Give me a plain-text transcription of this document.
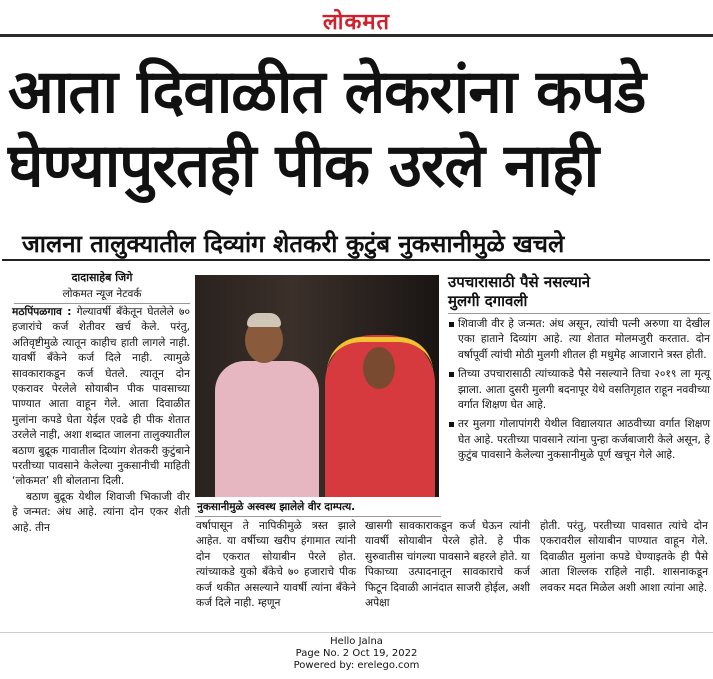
लोकमत
आता दिवाळीत लेकरांना कपडे
घेण्यापुरतही पीक उरले नाही
जालना तालुक्यातील दिव्यांग शेतकरी कुटुंब नुकसानीमुळे खचले
दादासाहेब जिगे
लोकमत न्यूज नेटवर्क
मठपिंपळगाव : गेल्यावर्षी बँकेतून घेतलेले ७० हजारांचे कर्ज शेतीवर खर्च केले. परंतु, अतिवृष्टीमुळे त्यातून काहीच हाती लागले नाही. यावर्षी बँकेने कर्ज दिले नाही. त्यामुळे सावकाराकडून कर्ज घेतले. त्यातून दोन एकरावर पेरलेले सोयाबीन पीक पावसाच्या पाण्यात आता वाहून गेले. आता दिवाळीत मुलांना कपडे घेता येईल एवढे ही पीक शेतात उरलेले नाही, अशा शब्दात जालना तालुक्यातील बठाण बुद्रूक गावातील दिव्यांग शेतकरी कुटुंबाने परतीच्या पावसाने केलेल्या नुकसानीची माहिती ‘लोकमत’ शी बोलताना दिली.
बठाण बुद्रूक येथील शिवाजी भिकाजी वीर हे जन्मत: अंध आहे. त्यांना दोन एकर शेती आहे. तीन
नुकसानीमुळे अस्वस्थ झालेले वीर दाम्पत्य.
उपचारासाठी पैसे नसल्याने
मुलगी दगावली
शिवाजी वीर हे जन्मत: अंध असून, त्यांची पत्नी अरुणा या देखील एका हाताने दिव्यांग आहे. त्या शेतात मोलमजुरी करतात. दोन वर्षापूर्वी त्यांची मोठी मुलगी शीतल ही मधुमेह आजाराने त्रस्त होती.
तिच्या उपचारासाठी त्यांच्याकडे पैसे नसल्याने तिचा २०१९ ला मृत्यू झाला. आता दुसरी मुलगी बदनापूर येथे वसतिगृहात राहून नववीच्या वर्गात शिक्षण घेत आहे.
तर मुलगा गोलापांगरी येथील विद्यालयात आठवीच्या वर्गात शिक्षण घेत आहे. परतीच्या पावसाने त्यांना पुन्हा कर्जबाजारी केले असून, हे कुटुंब पावसाने केलेल्या नुकसानीमुळे पूर्ण खचून गेले आहे.
वर्षापासून ते नापिकीमुळे त्रस्त झाले आहेत. या वर्षीच्या खरीप हंगामात त्यांनी दोन एकरात सोयाबीन पेरले होत. त्यांच्याकडे युको बँकेचे ७० हजाराचे पीक कर्ज थकीत असल्याने यावर्षी त्यांना बँकेने कर्ज दिले नाही. म्हणून
खासगी सावकाराकडून कर्ज घेऊन त्यांनी यावर्षी सोयाबीन पेरले होते. हे पीक सुरुवातीस चांगल्या पावसाने बहरले होते. या पिकाच्या उत्पादनातून सावकाराचे कर्ज फिटून दिवाळी आनंदात साजरी होईल, अशी अपेक्षा
होती. परंतु, परतीच्या पावसात त्यांचे दोन एकरावरील सोयाबीन पाण्यात वाहून गेले. दिवाळीत मुलांना कपडे घेण्याइतके ही पैसे आता शिल्लक राहिले नाही. शासनाकडून लवकर मदत मिळेल अशी आशा त्यांना आहे.
Hello Jalna
Page No. 2 Oct 19, 2022
Powered by: erelego.com
